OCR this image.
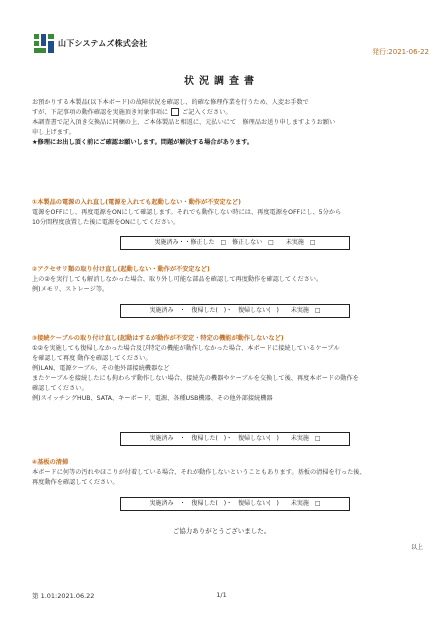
山下システムズ株式会社
発行:2021-06-22
状況調査書
お預かりする本製品(以下本ボード)の故障状況を確認し、的確な修理作業を行うため、人変お手数で
すが、下記事項の動作確認を実施頂き対象事項に  ご記入ください。
本調査書で記入頂き交換品に同梱の上、ご本体製品と相返に、元払いにて　修理品お送り申しますようお願い
申し上げます。
★修理にお出し頂く前にご確認お願いします。問題が解決する場合があります。
①本製品の電源の入れ直し(電源を入れても起動しない・動作が不安定など)
電源をOFFにし、再度電源をONにして確認します。それでも動作しない時には、再度電源をOFFにし、5分から
10分間程度放置した後に電源をONにしてください。
実施済み・・修正した　□　修正しない　□　　未実施　□
②アクセサリ類の取り付け直し(起動しない・動作が不安定など)
上の②を実行しても解消しなかった場合、取り外し可能な部品を確認して再度動作を確認してください。
例)メモリ、ストレージ等。
実施済み　・　復帰した(　)・　復帰しない(　)　　未実施　□
③接続ケーブルの取り付け直し(起動はするが動作が不安定・特定の機能が動作しないなど)
①②を実施しても復帰しなかった場合及び特定の機能が動作しなかった場合、本ボードに接続しているケーブル
を確認して再度 動作を確認してください。
例)LAN、電源ケーブル、その他外部接続機器など
またケーブルを接続したにも拘わらず動作しない場合、接続先の機器やケーブルを交換して後、再度本ボードの動作を
確認してください。
例)スイッチングHUB、SATA、キーボード、電源、各種USB機器、その他外部接続機器
実施済み　・　復帰した(　)・　復帰しない(　)　　未実施　□
④基板の清掃
本ボードに何等の汚れやほこりが付着している場合、それが動作しないということもあります。基板の清掃を行った後、
再度動作を確認してください。
実施済み　・　復帰した(　)・　復帰しない(　)　　未実施　□
ご協力ありがとうございました。
以上
第 1.01:2021.06.22	1/1
